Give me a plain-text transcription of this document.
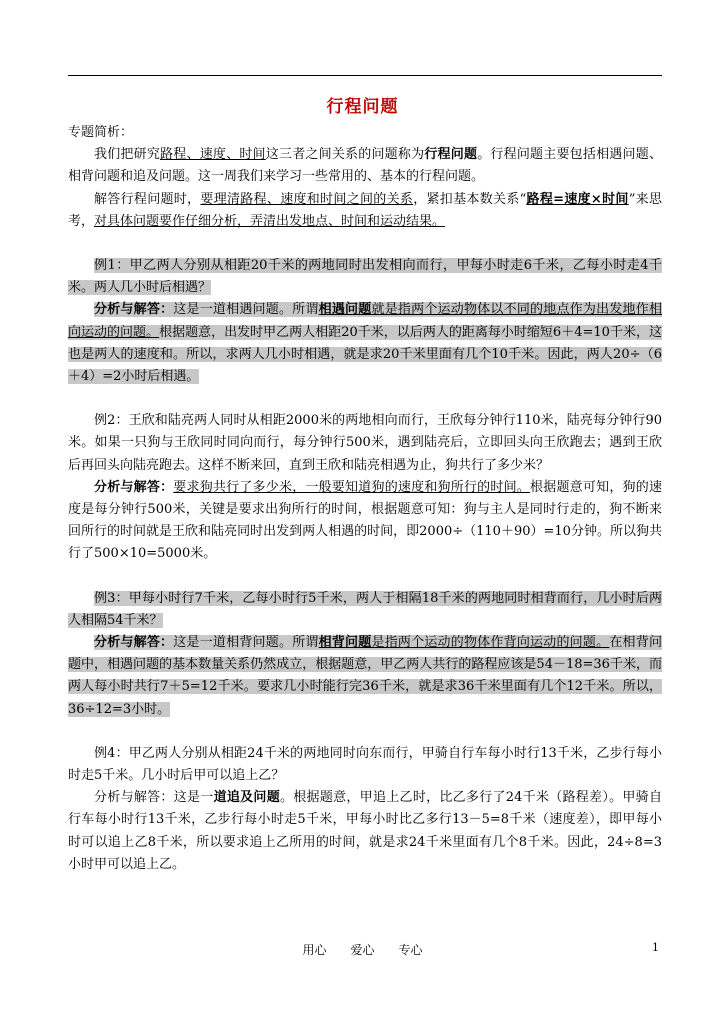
行程问题

专题简析：

我们把研究路程、速度、时间这三者之间关系的问题称为行程问题。行程问题主要包括相遇问题、相背问题和追及问题。这一周我们来学习一些常用的、基本的行程问题。

解答行程问题时，要理清路程、速度和时间之间的关系，紧扣基本数关系“路程=速度×时间”来思考，对具体问题要作仔细分析，弄清出发地点、时间和运动结果。

例1：甲乙两人分别从相距20千米的两地同时出发相向而行，甲每小时走6千米，乙每小时走4千米。两人几小时后相遇？

分析与解答：这是一道相遇问题。所谓相遇问题就是指两个运动物体以不同的地点作为出发地作相向运动的问题。根据题意，出发时甲乙两人相距20千米，以后两人的距离每小时缩短6＋4=10千米，这也是两人的速度和。所以，求两人几小时相遇，就是求20千米里面有几个10千米。因此，两人20÷（6＋4）=2小时后相遇。

例2：王欣和陆亮两人同时从相距2000米的两地相向而行，王欣每分钟行110米，陆亮每分钟行90米。如果一只狗与王欣同时同向而行，每分钟行500米，遇到陆亮后，立即回头向王欣跑去；遇到王欣后再回头向陆亮跑去。这样不断来回，直到王欣和陆亮相遇为止，狗共行了多少米？

分析与解答：要求狗共行了多少米，一般要知道狗的速度和狗所行的时间。根据题意可知，狗的速度是每分钟行500米，关键是要求出狗所行的时间，根据题意可知：狗与主人是同时行走的，狗不断来回所行的时间就是王欣和陆亮同时出发到两人相遇的时间，即2000÷（110＋90）=10分钟。所以狗共行了500×10=5000米。

例3：甲每小时行7千米，乙每小时行5千米，两人于相隔18千米的两地同时相背而行，几小时后两人相隔54千米？

分析与解答：这是一道相背问题。所谓相背问题是指两个运动的物体作背向运动的问题。在相背问题中，相遇问题的基本数量关系仍然成立，根据题意，甲乙两人共行的路程应该是54－18=36千米，而两人每小时共行7＋5=12千米。要求几小时能行完36千米，就是求36千米里面有几个12千米。所以，36÷12=3小时。

例4：甲乙两人分别从相距24千米的两地同时向东而行，甲骑自行车每小时行13千米，乙步行每小时走5千米。几小时后甲可以追上乙？

分析与解答：这是一道追及问题。根据题意，甲追上乙时，比乙多行了24千米（路程差）。甲骑自行车每小时行13千米，乙步行每小时走5千米，甲每小时比乙多行13－5=8千米（速度差），即甲每小时可以追上乙8千米，所以要求追上乙所用的时间，就是求24千米里面有几个8千米。因此，24÷8=3小时甲可以追上乙。

用心 爱心 专心	1
